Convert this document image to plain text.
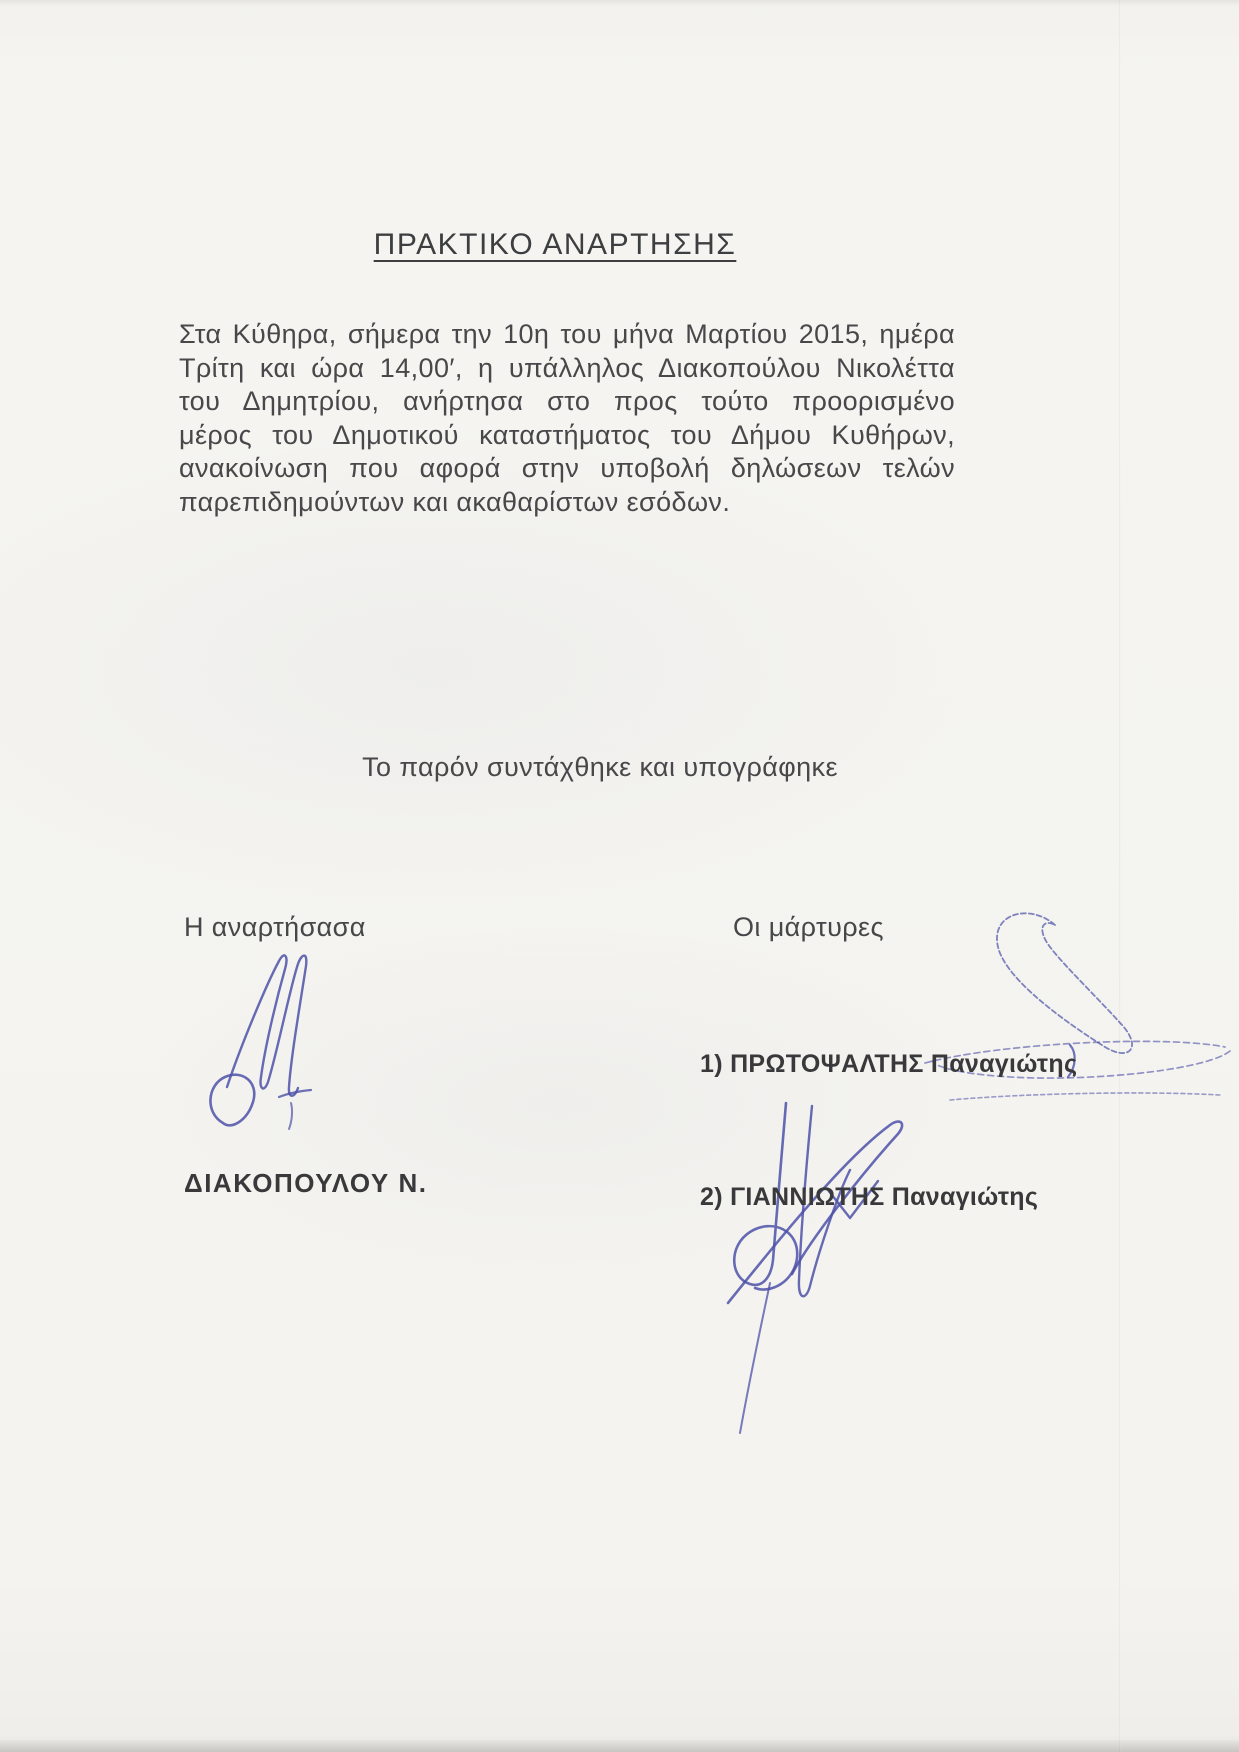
ΠΡΑΚΤΙΚΟ ΑΝΑΡΤΗΣΗΣ
Στα Κύθηρα, σήμερα την 10η του μήνα Μαρτίου 2015, ημέρα
Τρίτη και ώρα 14,00′, η υπάλληλος Διακοπούλου Νικολέττα
του Δημητρίου, ανήρτησα στο προς τούτο προορισμένο
μέρος του Δημοτικού καταστήματος του Δήμου Κυθήρων,
ανακοίνωση που αφορά στην υποβολή δηλώσεων τελών
παρεπιδημούντων και ακαθαρίστων εσόδων.
Το παρόν συντάχθηκε και υπογράφηκε
Η αναρτήσασα	Οι μάρτυρες
ΔΙΑΚΟΠΟΥΛΟΥ Ν.
1) ΠΡΩΤΟΨΑΛΤΗΣ Παναγιώτης
2) ΓΙΑΝΝΙΩΤΗΣ Παναγιώτης
